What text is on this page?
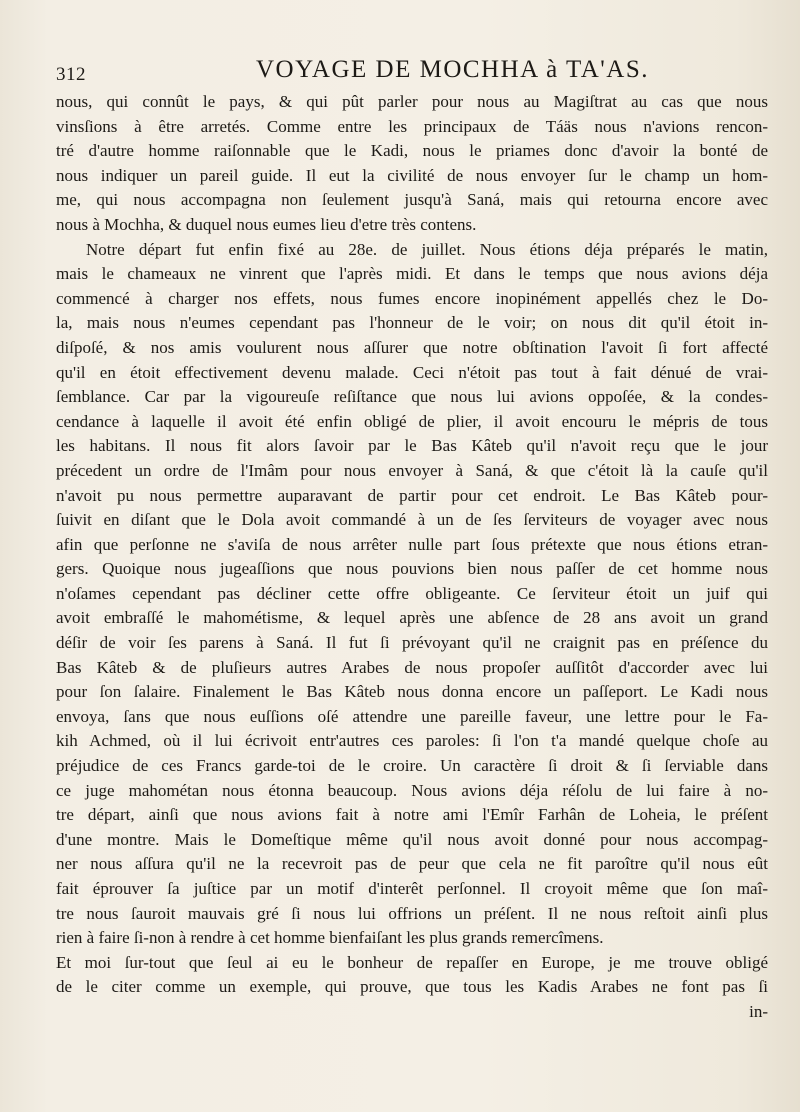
312	VOYAGE DE MOCHHA à TA'AS.
nous, qui connût le pays, & qui pût parler pour nous au Magiſtrat au cas que nous
vinsſions à être arretés. Comme entre les principaux de Táäs nous n'avions rencon-
tré d'autre homme raiſonnable que le Kadi, nous le priames donc d'avoir la bonté de
nous indiquer un pareil guide. Il eut la civilité de nous envoyer ſur le champ un hom-
me, qui nous accompagna non ſeulement jusqu'à Saná, mais qui retourna encore avec
nous à Mochha, & duquel nous eumes lieu d'etre très contens.
Notre départ fut enfin fixé au 28e. de juillet. Nous étions déja préparés le matin,
mais le chameaux ne vinrent que l'après midi. Et dans le temps que nous avions déja
commencé à charger nos effets, nous fumes encore inopinément appellés chez le Do-
la, mais nous n'eumes cependant pas l'honneur de le voir; on nous dit qu'il étoit in-
diſpoſé, & nos amis voulurent nous aſſurer que notre obſtination l'avoit ſi fort affecté
qu'il en étoit effectivement devenu malade. Ceci n'étoit pas tout à fait dénué de vrai-
ſemblance. Car par la vigoureuſe reſiſtance que nous lui avions oppoſée, & la condes-
cendance à laquelle il avoit été enfin obligé de plier, il avoit encouru le mépris de tous
les habitans. Il nous fit alors ſavoir par le Bas Kâteb qu'il n'avoit reçu que le jour
précedent un ordre de l'Imâm pour nous envoyer à Saná, & que c'étoit là la cauſe qu'il
n'avoit pu nous permettre auparavant de partir pour cet endroit. Le Bas Kâteb pour-
ſuivit en diſant que le Dola avoit commandé à un de ſes ſerviteurs de voyager avec nous
afin que perſonne ne s'aviſa de nous arrêter nulle part ſous prétexte que nous étions etran-
gers. Quoique nous jugeaſſions que nous pouvions bien nous paſſer de cet homme nous
n'oſames cependant pas décliner cette offre obligeante. Ce ſerviteur étoit un juif qui
avoit embraſſé le mahométisme, & lequel après une abſence de 28 ans avoit un grand
déſir de voir ſes parens à Saná. Il fut ſi prévoyant qu'il ne craignit pas en préſence du
Bas Kâteb & de pluſieurs autres Arabes de nous propoſer auſſitôt d'accorder avec lui
pour ſon ſalaire. Finalement le Bas Kâteb nous donna encore un paſſeport. Le Kadi nous
envoya, ſans que nous euſſions oſé attendre une pareille faveur, une lettre pour le Fa-
kih Achmed, où il lui écrivoit entr'autres ces paroles: ſi l'on t'a mandé quelque choſe au
préjudice de ces Francs garde-toi de le croire. Un caractère ſi droit & ſi ſerviable dans
ce juge mahométan nous étonna beaucoup. Nous avions déja réſolu de lui faire à no-
tre départ, ainſi que nous avions fait à notre ami l'Emîr Farhân de Loheia, le préſent
d'une montre. Mais le Domeſtique même qu'il nous avoit donné pour nous accompag-
ner nous aſſura qu'il ne la recevroit pas de peur que cela ne fit paroître qu'il nous eût
fait éprouver ſa juſtice par un motif d'interêt perſonnel. Il croyoit même que ſon maî-
tre nous ſauroit mauvais gré ſi nous lui offrions un préſent. Il ne nous reſtoit ainſi plus
rien à faire ſi-non à rendre à cet homme bienfaiſant les plus grands remercîmens.
Et moi ſur-tout que ſeul ai eu le bonheur de repaſſer en Europe, je me trouve obligé
de le citer comme un exemple, qui prouve, que tous les Kadis Arabes ne font pas ſi
in-
